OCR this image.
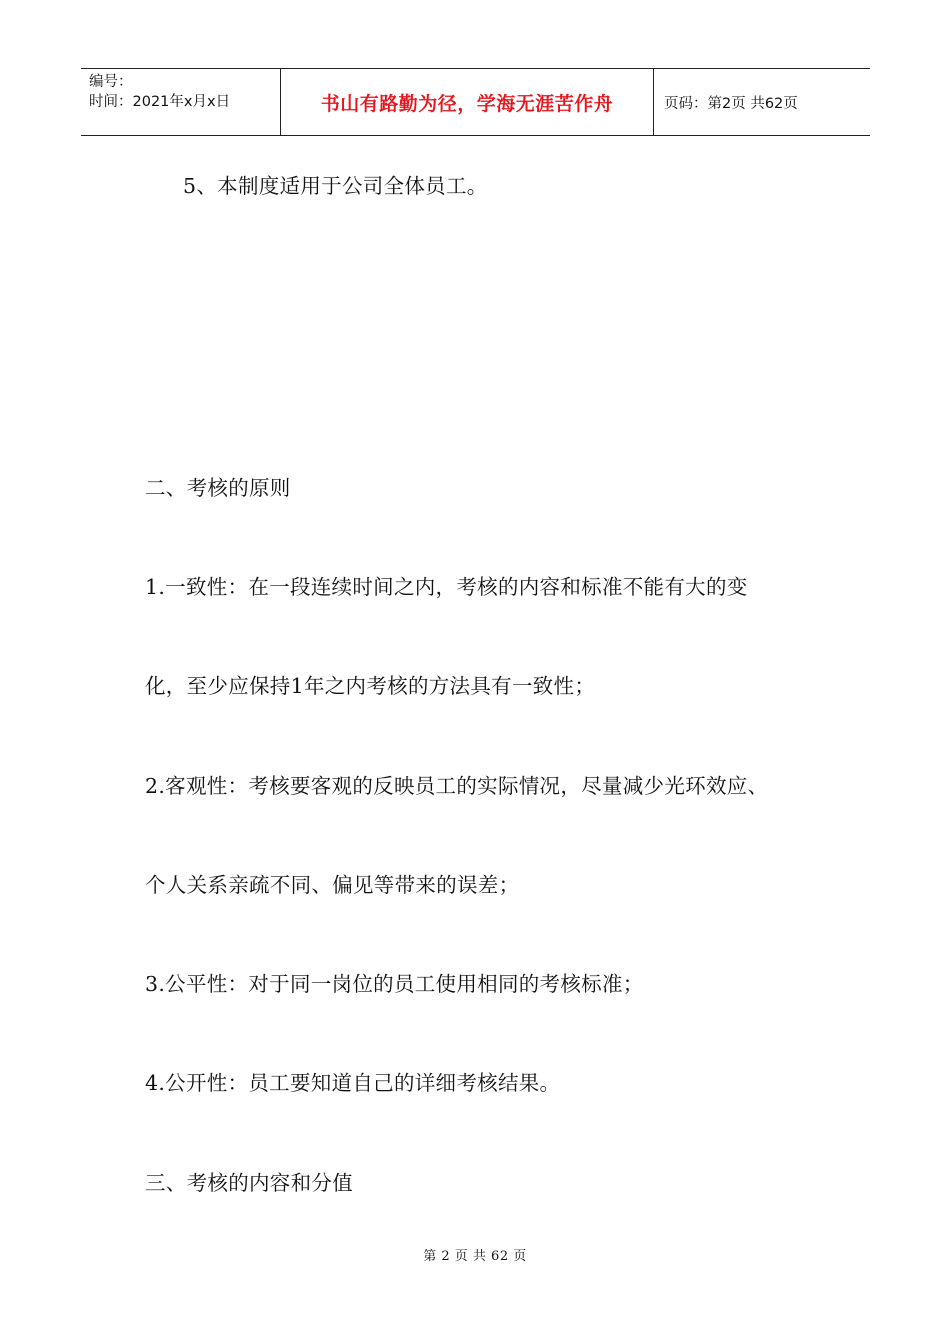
编号：
时间：2021年x月x日	书山有路勤为径，学海无涯苦作舟	页码：第2页 共62页
5、本制度适用于公司全体员工。
二、考核的原则
1.一致性：在一段连续时间之内，考核的内容和标准不能有大的变
化，至少应保持1年之内考核的方法具有一致性；
2.客观性：考核要客观的反映员工的实际情况，尽量减少光环效应、
个人关系亲疏不同、偏见等带来的误差；
3.公平性：对于同一岗位的员工使用相同的考核标准；
4.公开性：员工要知道自己的详细考核结果。
三、考核的内容和分值
第 2 页 共 62 页
